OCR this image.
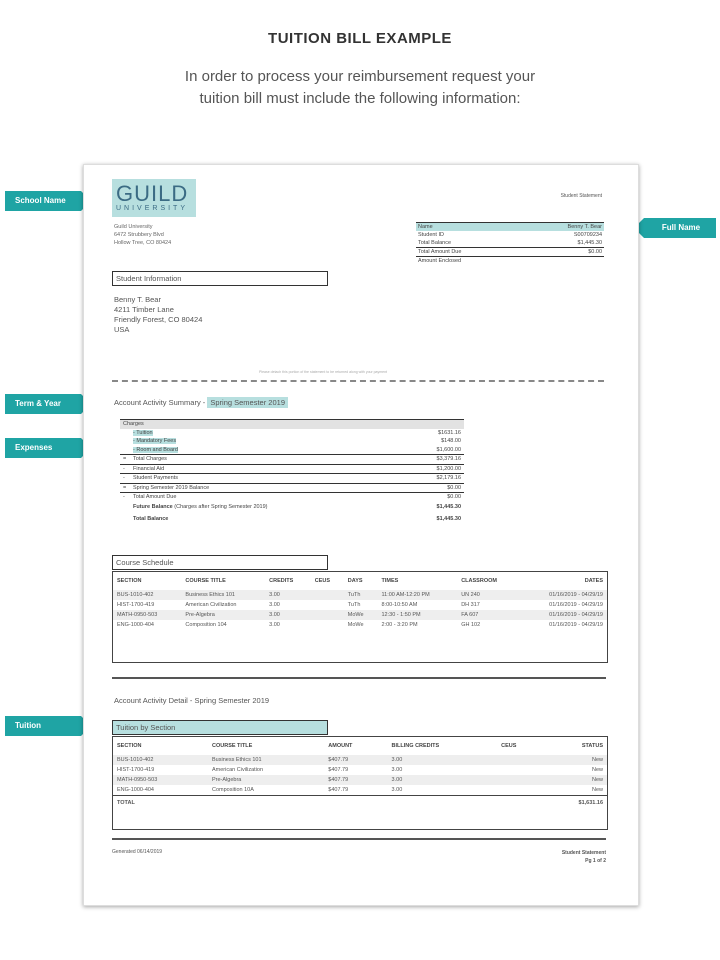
TUITION BILL EXAMPLE
In order to process your reimbursement request your
tuition bill must include the following information:
School Name
Full Name
Term & Year
Expenses
Tuition
GUILD
UNIVERSITY
Guild University
6472 Strubbery Blvd
Hollow Tree, CO 80424
Student Statement
Name	Benny T. Bear
Student ID	S00709234
Total Balance	$1,445.30
Total Amount Due	$0.00
Amount Enclosed	
Student Information
Benny T. Bear
4211 Timber Lane
Friendly Forest, CO 80424
USA
Please detach this portion of the statement to be returned along with your payment
Account Activity Summary - Spring Semester 2019
Charges		
	- Tuition	$1631.16
	- Mandatory Fees	$148.00
	- Room and Board	$1,600.00
=	Total Charges	$3,379.16
-	Financial Aid	$1,200.00
-	Student Payments	$2,179.16
=	Spring Semester 2019 Balance	$0.00
-	Total Amount Due	$0.00
	Future Balance (Charges after Spring Semester 2019)	$1,445.30
	Total Balance	$1,445.30
Course Schedule
SECTION	COURSE TITLE	CREDITS	CEUS	DAYS	TIMES	CLASSROOM	DATES
BUS-1010-402	Business Ethics 101	3.00		TuTh	11:00 AM-12:20 PM	UN 240	01/16/2019 - 04/29/19
HIST-1700-419	American Civilization	3.00		TuTh	8:00-10:50 AM	DH 317	01/16/2019 - 04/29/19
MATH-0950-503	Pre-Algebra	3.00		MoWe	12:30 - 1:50 PM	FA 607	01/16/2019 - 04/29/19
ENG-1000-404	Composition 104	3.00		MoWe	2:00 - 3:20 PM	GH 102	01/16/2019 - 04/29/19
Account Activity Detail - Spring Semester 2019
Tuition by Section
SECTION	COURSE TITLE	AMOUNT	BILLING CREDITS	CEUS	STATUS
BUS-1010-402	Business Ethics 101	$407.79	3.00		New
HIST-1700-419	American Civilization	$407.79	3.00		New
MATH-0950-503	Pre-Algebra	$407.79	3.00		New
ENG-1000-404	Composition 10A	$407.79	3.00		New
TOTAL					$1,631.16
Generated 06/14/2019	Student Statement
Pg 1 of 2
